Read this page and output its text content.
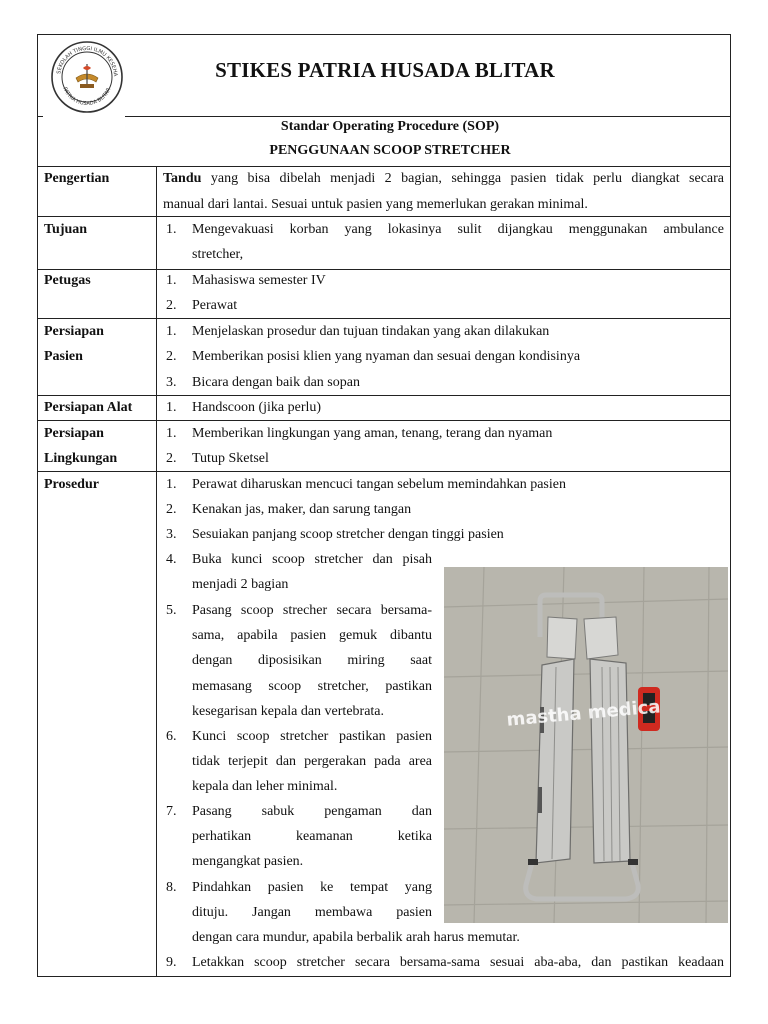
SEKOLAH TINGGI ILMU KESEHA
PATRIA HUSADA BLITAR
STIKES PATRIA HUSADA BLITAR
Standar Operating Procedure (SOP)
PENGGUNAAN SCOOP STRETCHER
Pengertian	Tandu yang bisa dibelah menjadi 2 bagian, sehingga pasien tidak perlu diangkat secara
manual dari lantai. Sesuai untuk pasien yang memerlukan gerakan minimal.
Tujuan	1.	Mengevakuasi korban yang lokasinya sulit dijangkau menggunakan ambulance
stretcher,
Petugas	1.	Mahasiswa semester IV
2.	Perawat
Persiapan
Pasien
1.	Menjelaskan prosedur dan tujuan tindakan yang akan dilakukan
2.	Memberikan posisi klien yang nyaman dan sesuai dengan kondisinya
3.	Bicara dengan baik dan sopan
Persiapan Alat 1.	Handscoon (jika perlu)
Persiapan
Lingkungan
1.	Memberikan lingkungan yang aman, tenang, terang dan nyaman
2.	Tutup Sketsel
Prosedur	1.	Perawat diharuskan mencuci tangan sebelum memindahkan pasien
2.	Kenakan jas, maker, dan sarung tangan
3.	Sesuiakan panjang scoop stretcher dengan tinggi pasien
4.	Buka kunci scoop stretcher dan pisah
menjadi 2 bagian
5.	Pasang scoop strecher secara bersama-
sama, apabila pasien gemuk dibantu
dengan diposisikan miring saat
memasang scoop stretcher, pastikan
kesegarisan kepala dan vertebrata.
6.	Kunci scoop stretcher pastikan pasien
tidak terjepit dan pergerakan pada area
kepala dan leher minimal.
7.	Pasang sabuk pengaman dan
perhatikan keamanan ketika
mengangkat pasien.
8.	Pindahkan pasien ke tempat yang
dituju. Jangan membawa pasien
dengan cara mundur, apabila berbalik arah harus memutar.
9.	Letakkan scoop stretcher secara bersama-sama sesuai aba-aba, dan pastikan keadaan
mastha medica
